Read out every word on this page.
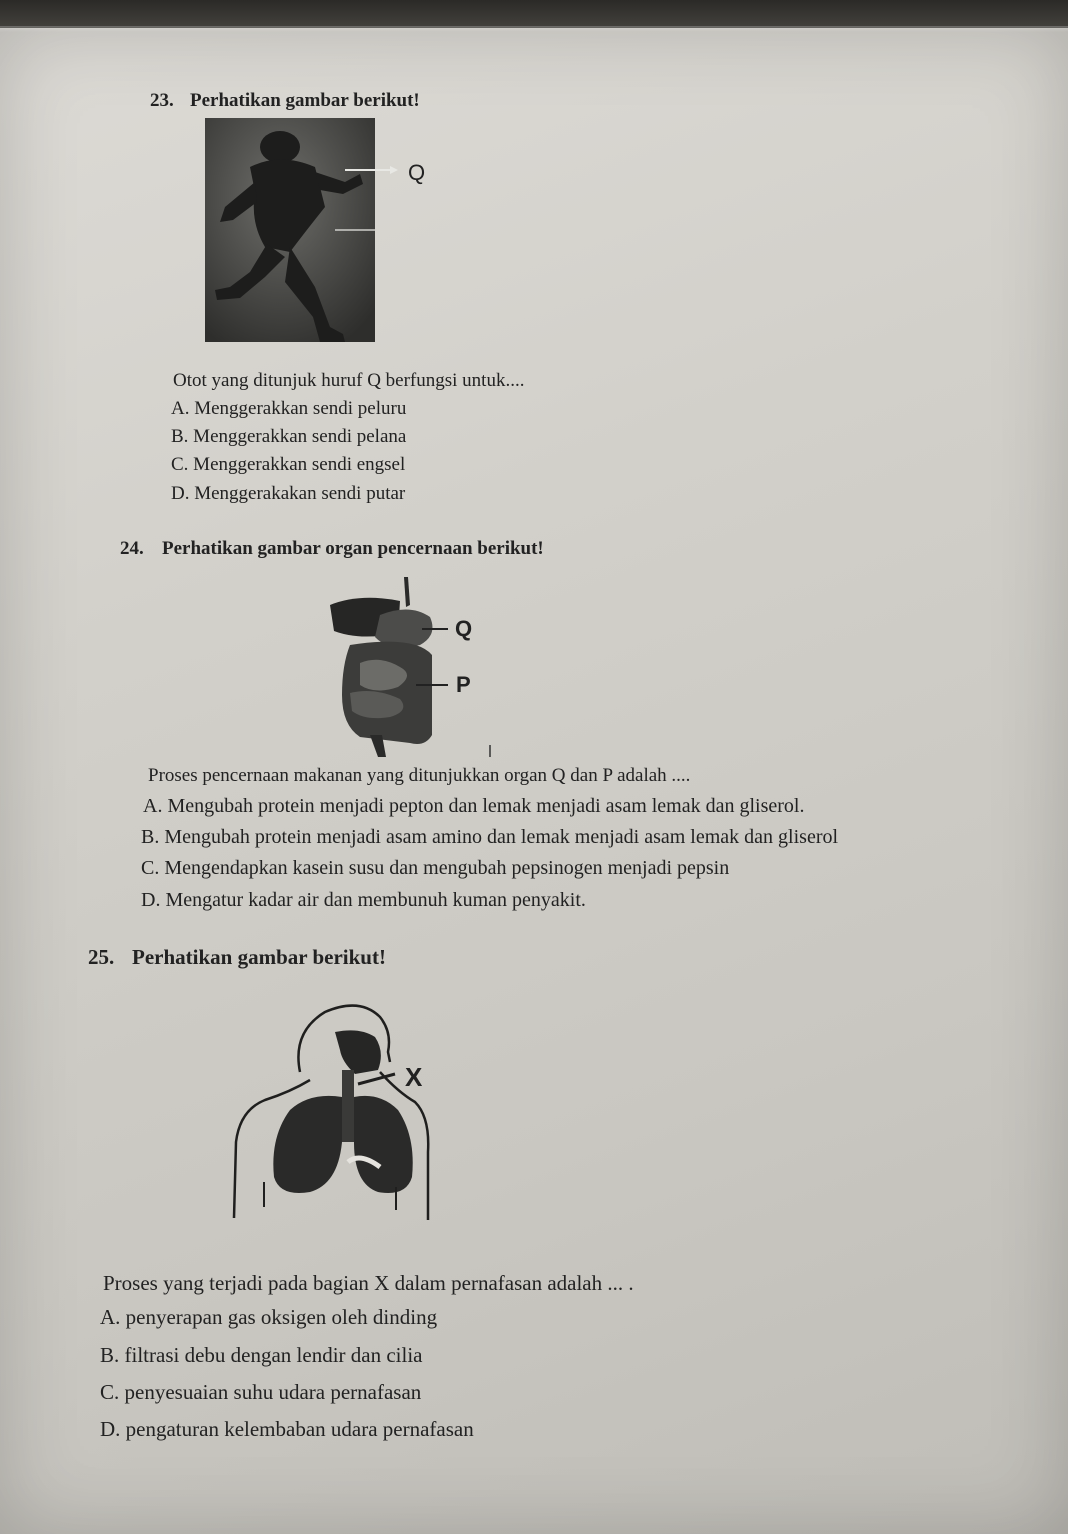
23. Perhatikan gambar berikut!
Q
Otot yang ditunjuk huruf Q berfungsi untuk....
A. Menggerakkan sendi peluru
B. Menggerakkan sendi pelana
C. Menggerakkan sendi engsel
D. Menggerakakan sendi putar
24. Perhatikan gambar organ pencernaan berikut!
Q
P
Proses pencernaan makanan yang ditunjukkan organ Q dan P adalah ....
A. Mengubah protein menjadi pepton dan lemak menjadi asam lemak dan gliserol.
B. Mengubah protein menjadi asam amino dan lemak menjadi asam lemak dan gliserol
C. Mengendapkan kasein susu dan mengubah pepsinogen menjadi pepsin
D. Mengatur kadar air dan membunuh kuman penyakit.
25. Perhatikan gambar berikut!
X
Proses yang terjadi pada bagian X dalam pernafasan adalah ... .
A. penyerapan gas oksigen oleh dinding
B. filtrasi debu dengan lendir dan cilia
C. penyesuaian suhu udara pernafasan
D. pengaturan kelembaban udara pernafasan
